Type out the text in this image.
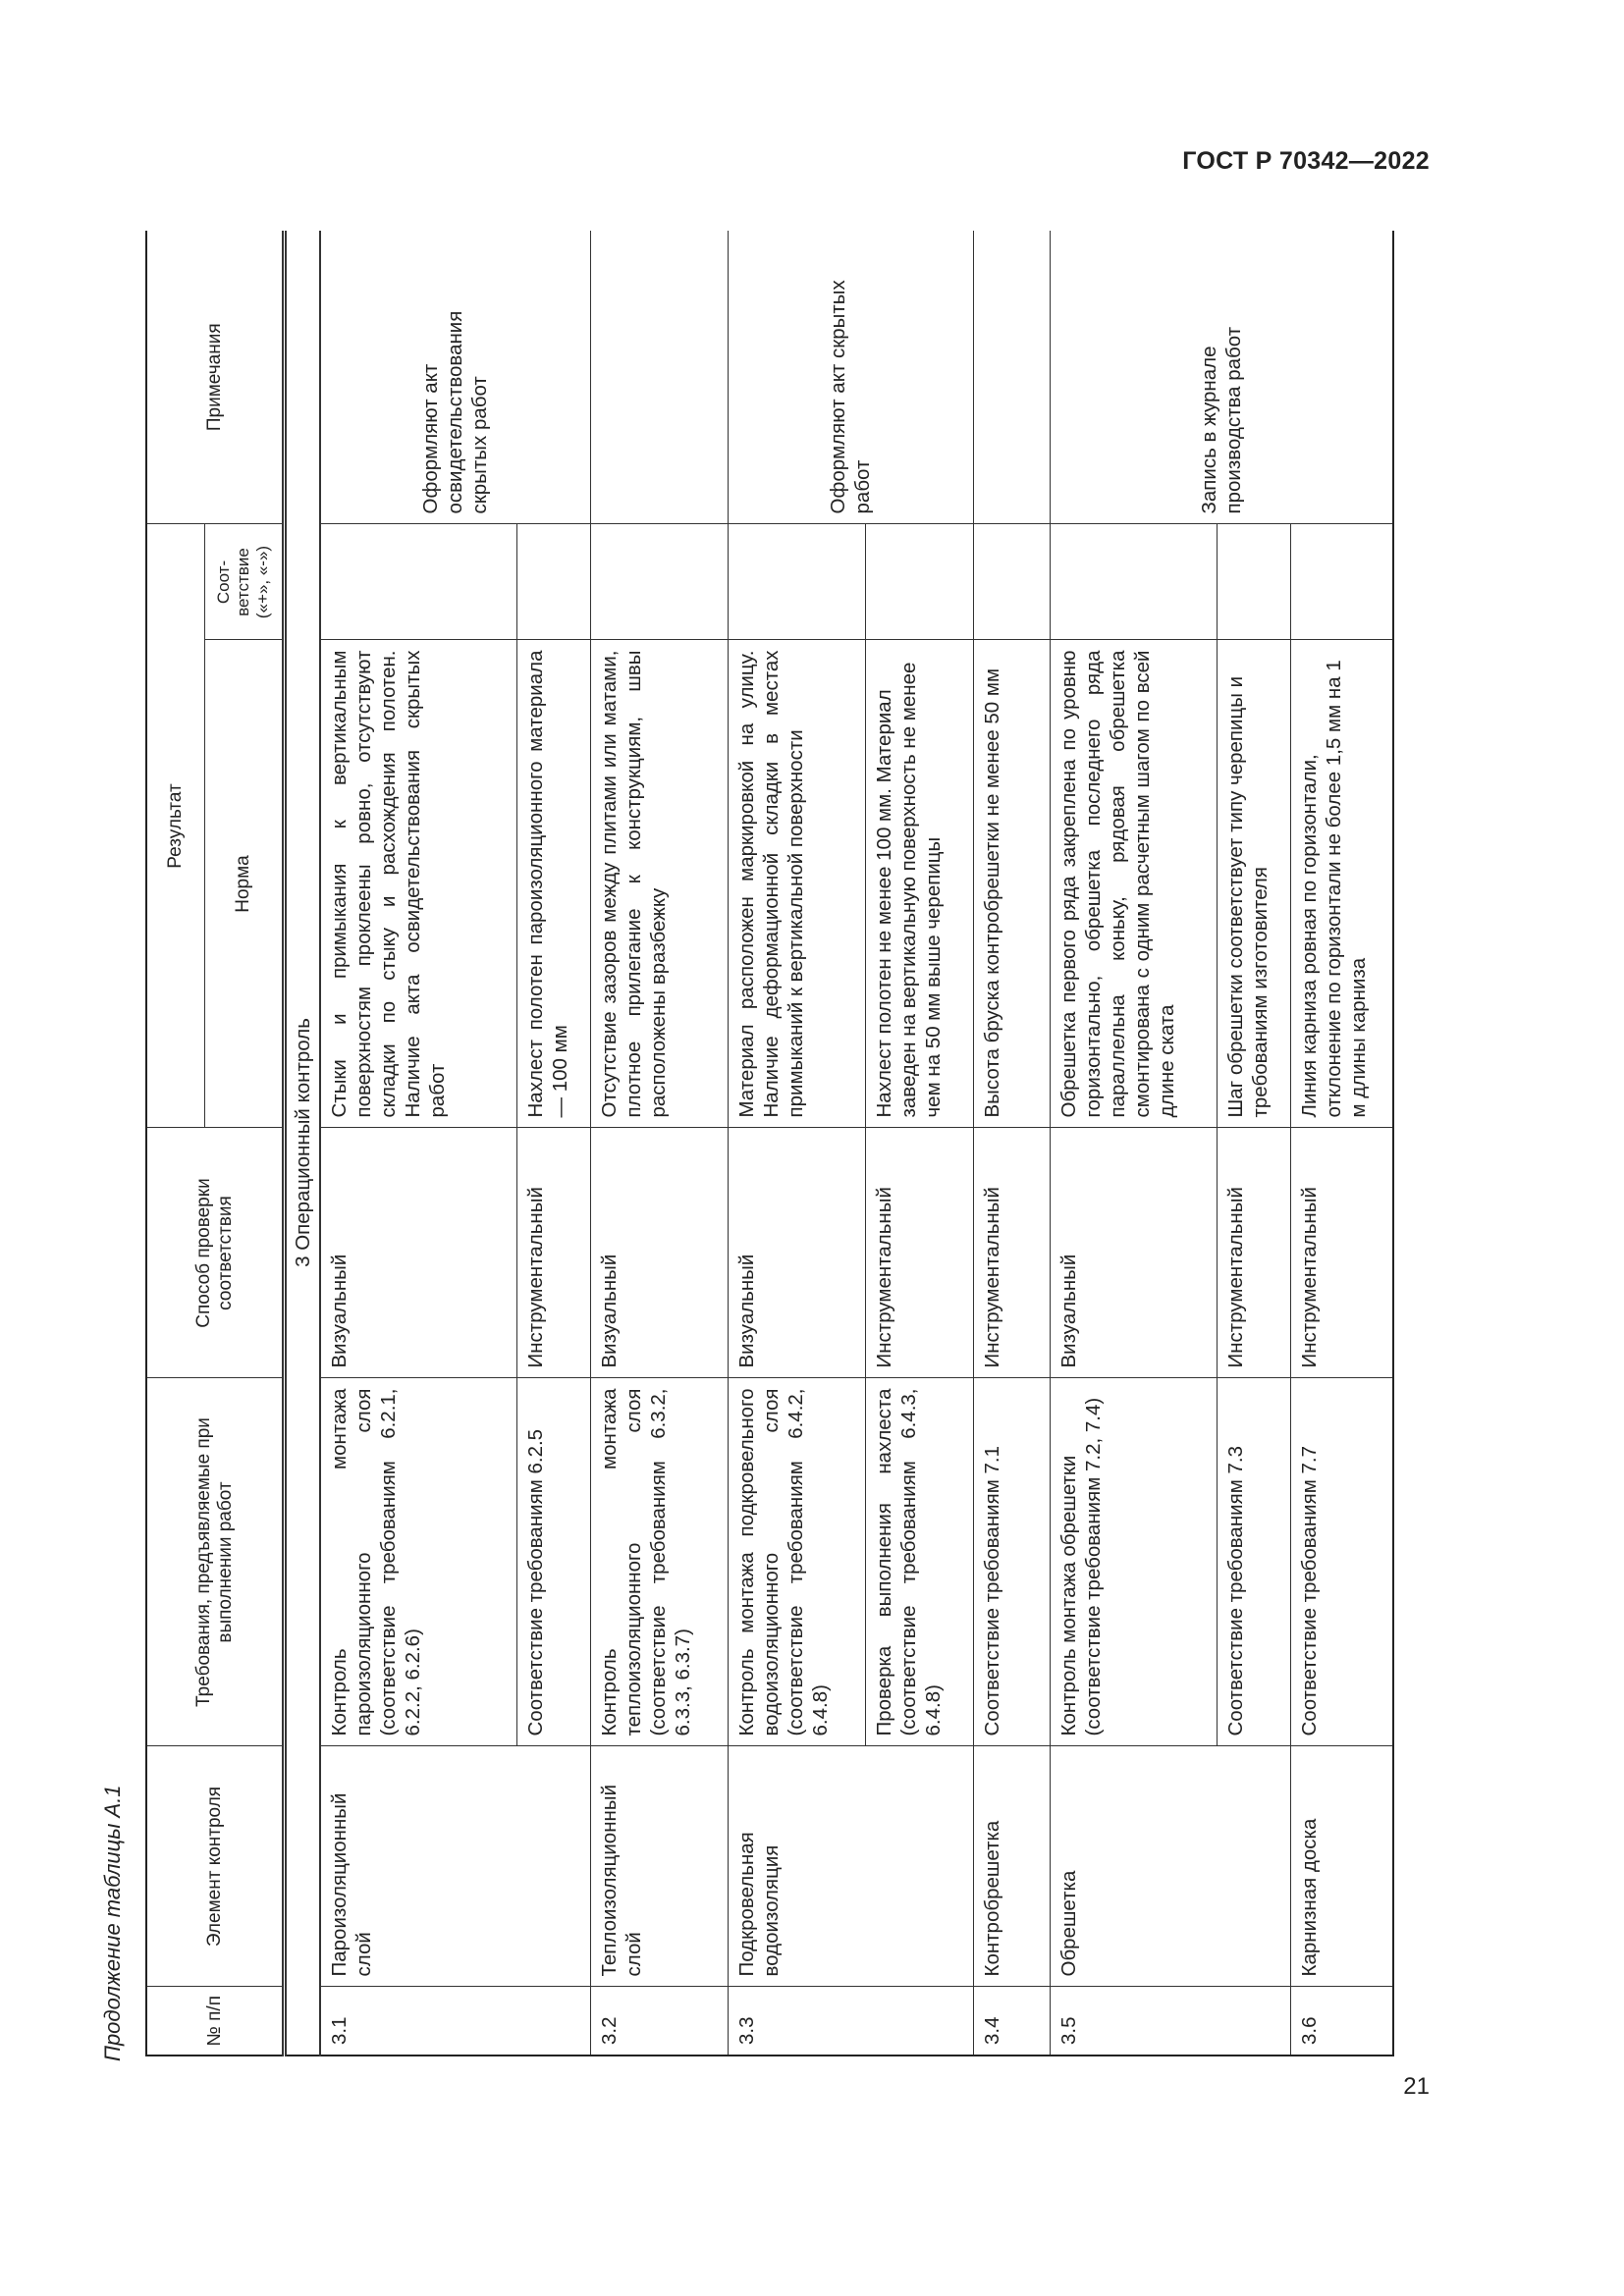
ГОСТ Р 70342—2022
Продолжение таблицы А.1
21
№ п/п	Элемент контроля	Требования, предъявляемые при выполнении работ	Способ проверки соответствия	Результат		Примечания
				Норма	Соот-ветствие («+», «-»)	
3 Операционный контроль						
3.1	Пароизоляционный слой	Контроль монтажа пароизоляционного слоя (соответствие требованиям 6.2.1, 6.2.2, 6.2.6)	Визуальный	Стыки и примыкания к вертикальным поверхностям проклеены ровно, отсутствуют складки по стыку и расхождения полотен. Наличие акта освидетельствования скрытых работ		Оформляют акт освидетельствования скрытых работ
		Соответствие требованиям 6.2.5	Инструментальный	Нахлест полотен пароизоляционного материала — 100 мм		
3.2	Теплоизоляционный слой	Контроль монтажа теплоизоляционного слоя (соответствие требованиям 6.3.2, 6.3.3, 6.3.7)	Визуальный	Отсутствие зазоров между плитами или матами, плотное прилегание к конструкциям, швы расположены вразбежку		
3.3	Подкровельная водоизоляция	Контроль монтажа подкровельного водоизоляционного слоя (соответствие требованиям 6.4.2, 6.4.8)	Визуальный	Материал расположен маркировкой на улицу. Наличие деформационной складки в местах примыканий к вертикальной поверхности		Оформляют акт скрытых работ
		Проверка выполнения нахлеста (соответствие требованиям 6.4.3, 6.4.8)	Инструментальный	Нахлест полотен не менее 100 мм. Материал заведен на вертикальную поверхность не менее чем на 50 мм выше черепицы		
3.4	Контробрешетка	Соответствие требованиям 7.1	Инструментальный	Высота бруска контробрешетки не менее 50 мм		
3.5	Обрешетка	Контроль монтажа обрешетки (соответствие требованиям 7.2, 7.4)	Визуальный	Обрешетка первого ряда закреплена по уровню горизонтально, обрешетка последнего ряда параллельна коньку, рядовая обрешетка смонтирована с одним расчетным шагом по всей длине ската		Запись в журнале производства работ
		Соответствие требованиям 7.3	Инструментальный	Шаг обрешетки соответствует типу черепицы и требованиям изготовителя		
3.6	Карнизная доска	Соответствие требованиям 7.7	Инструментальный	Линия карниза ровная по горизонтали, отклонение по горизонтали не более 1,5 мм на 1 м длины карниза		
